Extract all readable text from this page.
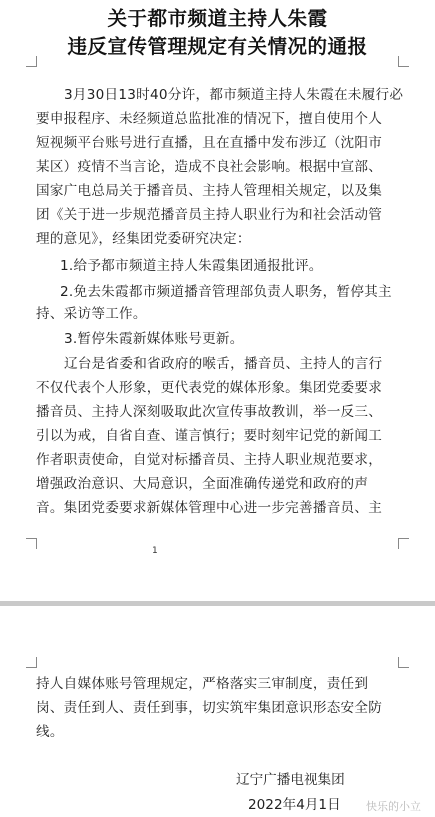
关于都市频道主持人朱霞
违反宣传管理规定有关情况的通报
3月30日13时40分许，都市频道主持人朱霞在未履行必
要申报程序、未经频道总监批准的情况下，擅自使用个人
短视频平台账号进行直播，且在直播中发布涉辽（沈阳市
某区）疫情不当言论，造成不良社会影响。根据中宣部、
国家广电总局关于播音员、主持人管理相关规定，以及集
团《关于进一步规范播音员主持人职业行为和社会活动管
理的意见》，经集团党委研究决定：
1.给予都市频道主持人朱霞集团通报批评。
2.免去朱霞都市频道播音管理部负责人职务，暂停其主
持、采访等工作。
3.暂停朱霞新媒体账号更新。
辽台是省委和省政府的喉舌，播音员、主持人的言行
不仅代表个人形象，更代表党的媒体形象。集团党委要求
播音员、主持人深刻吸取此次宣传事故教训，举一反三、
引以为戒，自省自查、谨言慎行；要时刻牢记党的新闻工
作者职责使命，自觉对标播音员、主持人职业规范要求，
增强政治意识、大局意识，全面准确传递党和政府的声
音。集团党委要求新媒体管理中心进一步完善播音员、主
1
持人自媒体账号管理规定，严格落实三审制度，责任到
岗、责任到人、责任到事，切实筑牢集团意识形态安全防
线。
辽宁广播电视集团
2022年4月1日 快乐的小立
